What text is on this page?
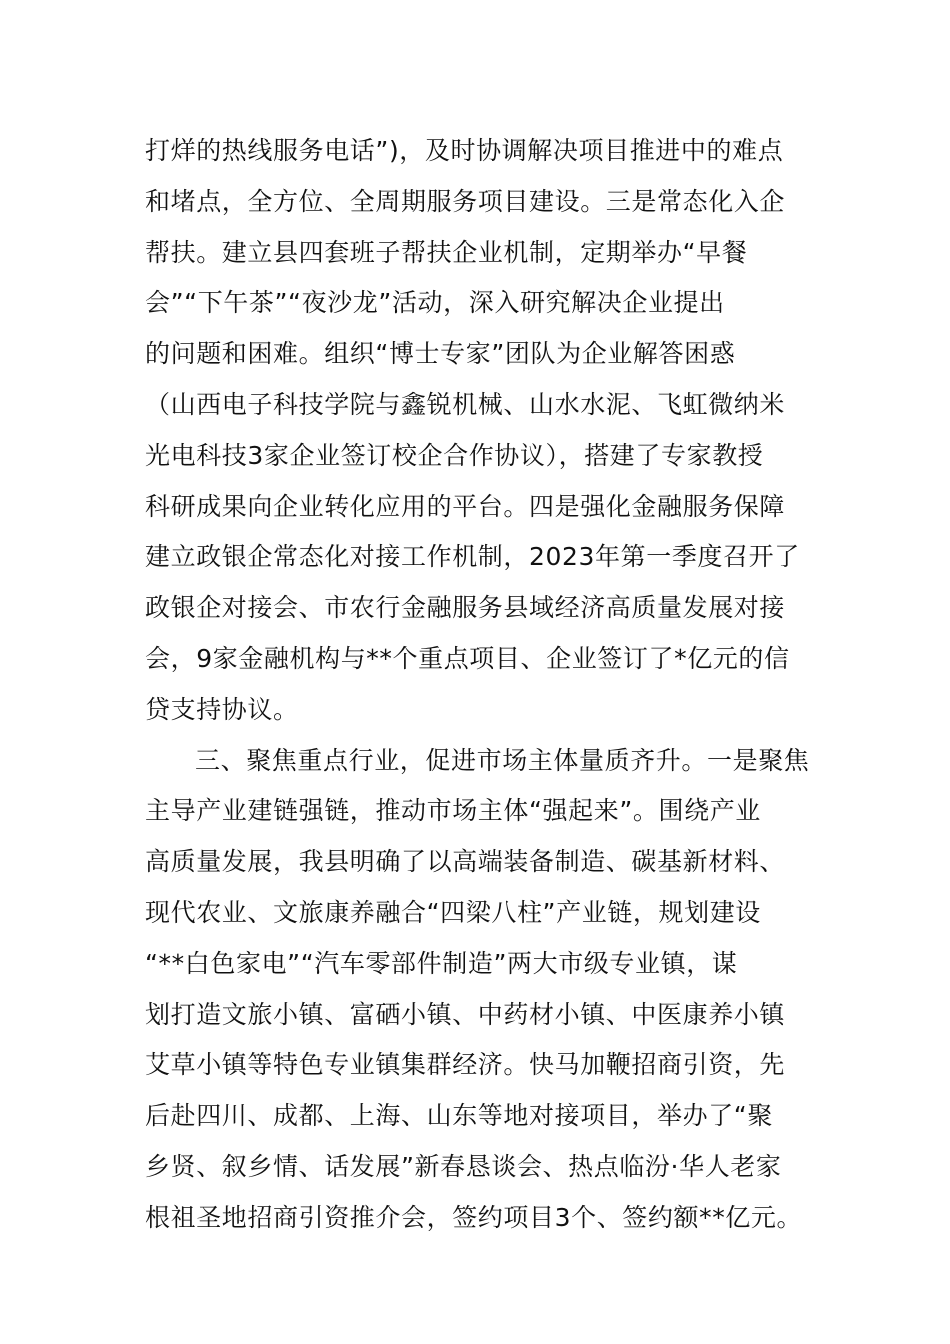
打烊的热线服务电话”)，及时协调解决项目推进中的难点
和堵点，全方位、全周期服务项目建设。三是常态化入企
帮扶。建立县四套班子帮扶企业机制，定期举办“早餐
会”“下午茶”“夜沙龙”活动，深入研究解决企业提出
的问题和困难。组织“博士专家”团队为企业解答困惑
（山西电子科技学院与鑫锐机械、山水水泥、飞虹微纳米
光电科技3家企业签订校企合作协议），搭建了专家教授
科研成果向企业转化应用的平台。四是强化金融服务保障
建立政银企常态化对接工作机制，2023年第一季度召开了
政银企对接会、市农行金融服务县域经济高质量发展对接
会，9家金融机构与**个重点项目、企业签订了*亿元的信
贷支持协议。
三、聚焦重点行业，促进市场主体量质齐升。一是聚焦
主导产业建链强链，推动市场主体“强起来”。围绕产业
高质量发展，我县明确了以高端装备制造、碳基新材料、
现代农业、文旅康养融合“四梁八柱”产业链，规划建设
“**白色家电”“汽车零部件制造”两大市级专业镇，谋
划打造文旅小镇、富硒小镇、中药材小镇、中医康养小镇
艾草小镇等特色专业镇集群经济。快马加鞭招商引资，先
后赴四川、成都、上海、山东等地对接项目，举办了“聚
乡贤、叙乡情、话发展”新春恳谈会、热点临汾·华人老家
根祖圣地招商引资推介会，签约项目3个、签约额**亿元。
